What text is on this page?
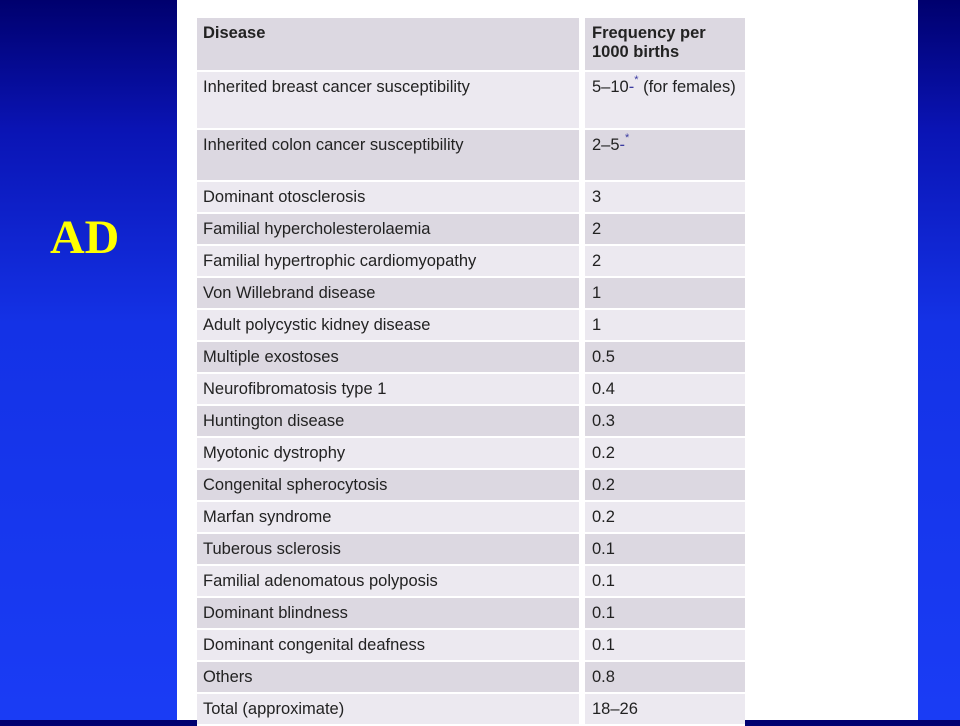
AD
Disease	Frequency per 1000 births
Inherited breast cancer susceptibility	5–10-* (for females)
Inherited colon cancer susceptibility	2–5-*
Dominant otosclerosis	3
Familial hypercholesterolaemia	2
Familial hypertrophic cardiomyopathy	2
Von Willebrand disease	1
Adult polycystic kidney disease	1
Multiple exostoses	0.5
Neurofibromatosis type 1	0.4
Huntington disease	0.3
Myotonic dystrophy	0.2
Congenital spherocytosis	0.2
Marfan syndrome	0.2
Tuberous sclerosis	0.1
Familial adenomatous polyposis	0.1
Dominant blindness	0.1
Dominant congenital deafness	0.1
Others	0.8
Total (approximate)	18–26
